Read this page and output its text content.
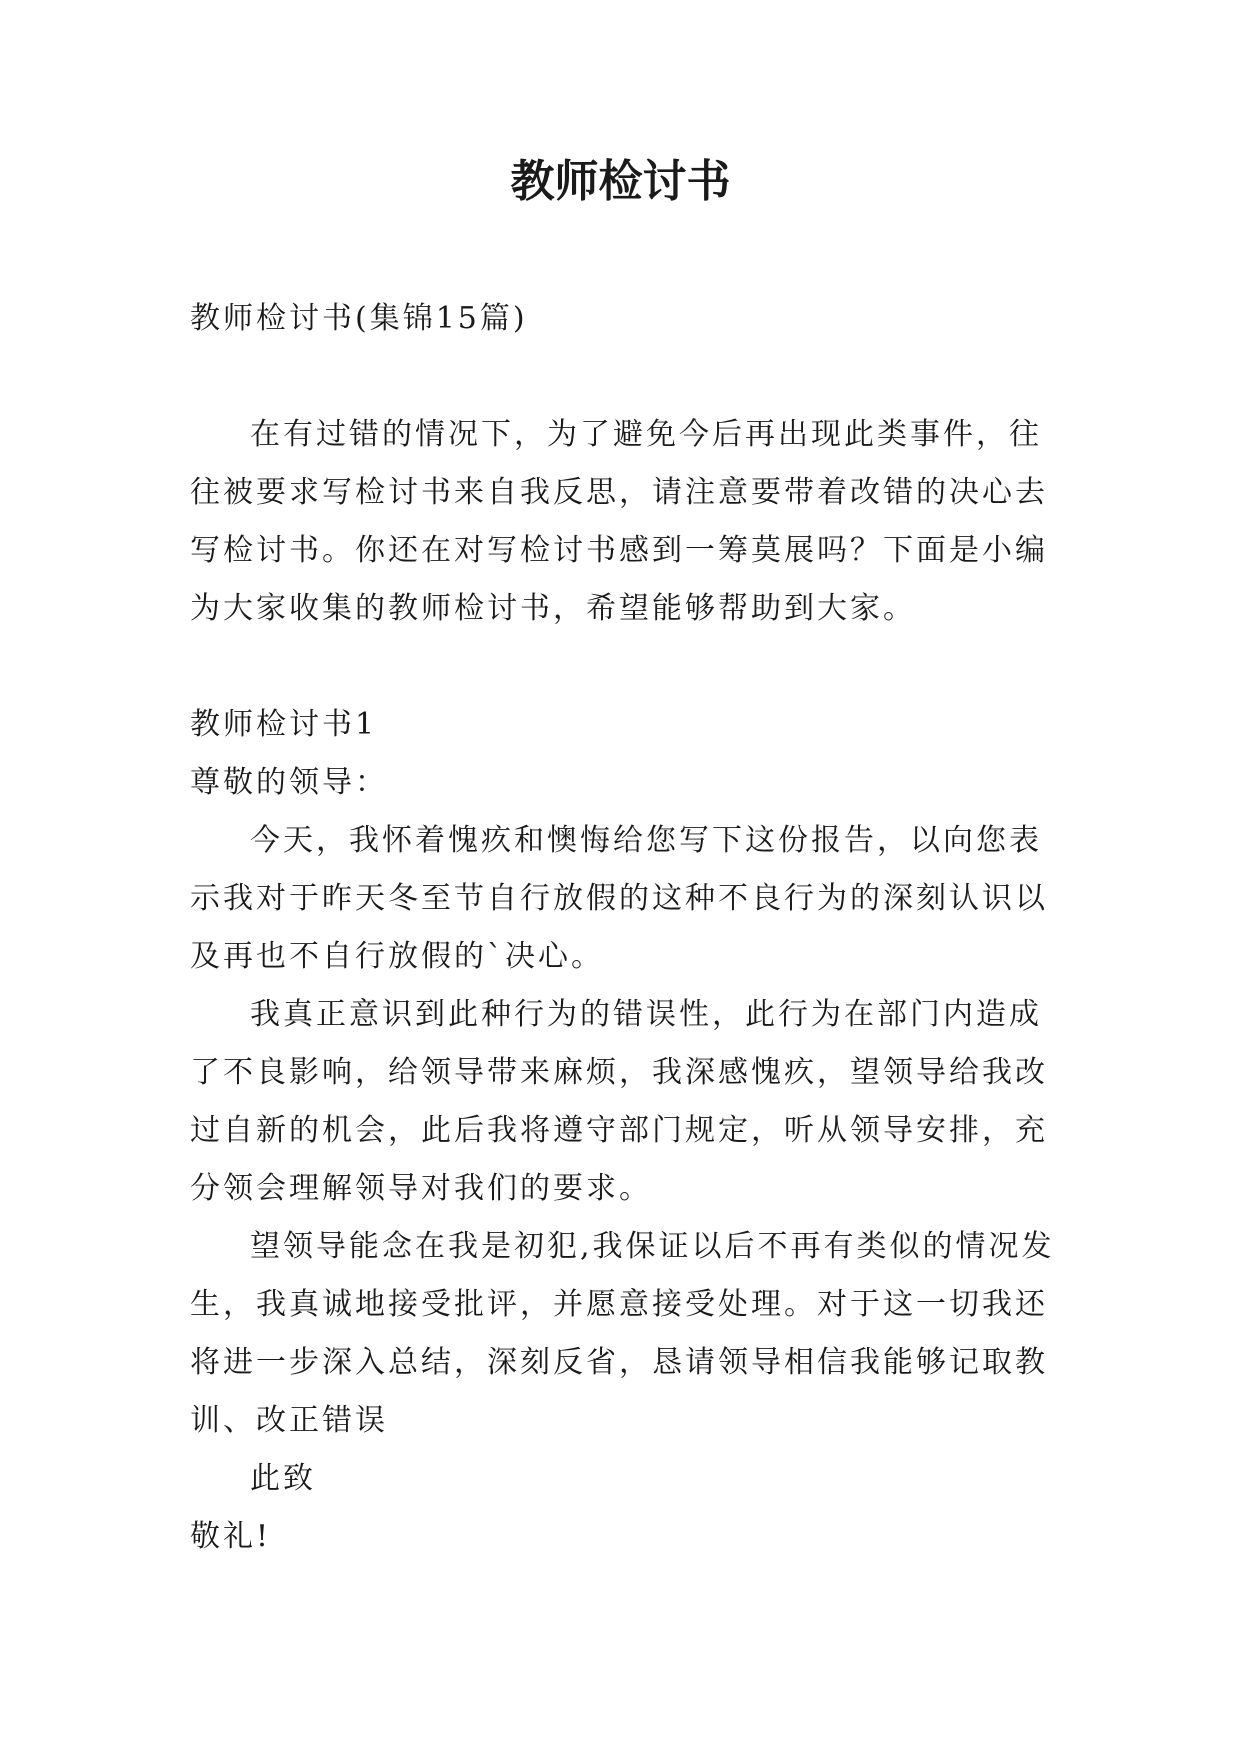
教师检讨书

教师检讨书(集锦15篇)

在有过错的情况下，为了避免今后再出现此类事件，往往被要求写检讨书来自我反思，请注意要带着改错的决心去写检讨书。你还在对写检讨书感到一筹莫展吗？下面是小编为大家收集的教师检讨书，希望能够帮助到大家。

教师检讨书1

尊敬的领导：

今天，我怀着愧疚和懊悔给您写下这份报告，以向您表示我对于昨天冬至节自行放假的这种不良行为的深刻认识以及再也不自行放假的`决心。

我真正意识到此种行为的错误性，此行为在部门内造成了不良影响，给领导带来麻烦，我深感愧疚，望领导给我改过自新的机会，此后我将遵守部门规定，听从领导安排，充分领会理解领导对我们的要求。

望领导能念在我是初犯,我保证以后不再有类似的情况发生，我真诚地接受批评，并愿意接受处理。对于这一切我还将进一步深入总结，深刻反省，恳请领导相信我能够记取教训、改正错误

此致

敬礼!
